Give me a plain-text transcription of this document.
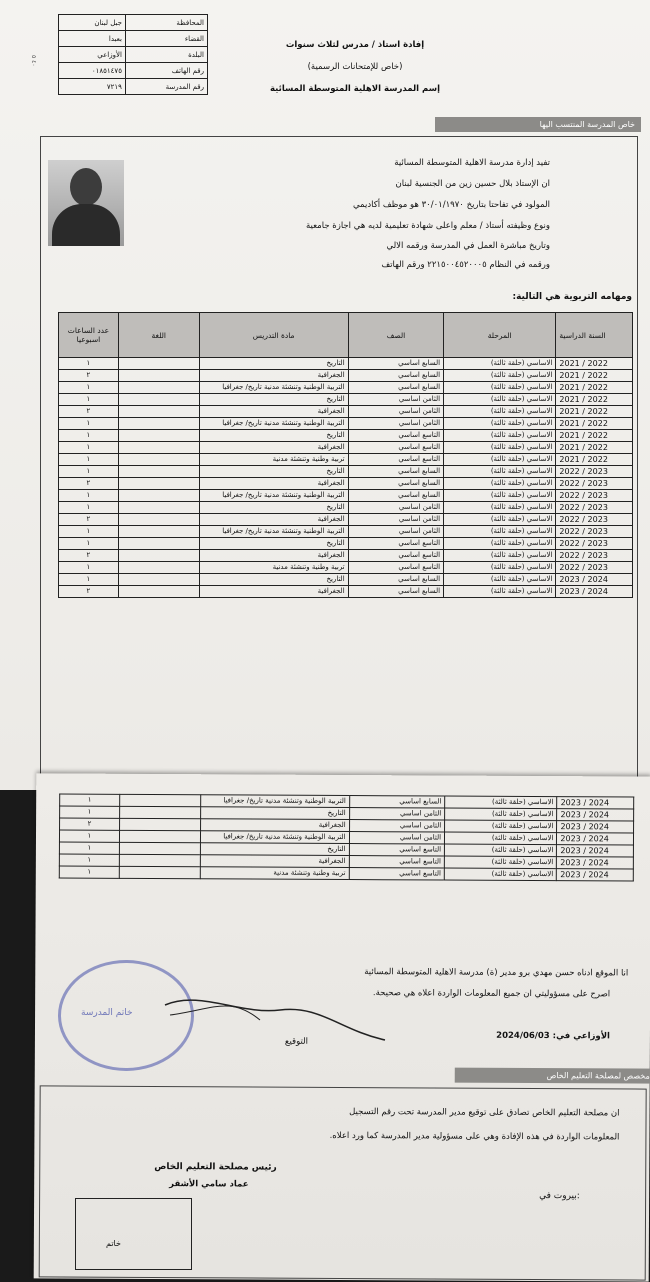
جبل لبنان	المحافظة
بعبدا	القضاء
الأوزاعي	البلدة
٠١٨٥١٤٧٥	رقم الهاتف
٧٢١٩	رقم المدرسة
٤٠ ٥
إفادة استاذ / مدرس لثلاث سنوات
(خاص للإمتحانات الرسمية)
إسم المدرسة الاهلية المتوسطة المسائية
خاص المدرسة المنتسب اليها
تفيد إدارة مدرسة الاهلية المتوسطة المسائية
ان الإستاذ بلال حسين زين من الجنسية لبنان
المولود في تفاحتا بتاريخ ٣٠/٠١/١٩٧٠ هو موظف أكاديمي
ونوع وظيفته أستاذ / معلم واعلى شهادة تعليمية لديه هي اجازة جامعية
وتاريخ مباشرة العمل في المدرسة ورقمه الالي
ورقمه في النظام ٢٢١٥٠٠٤٥٢٠٠٠٥ ورقم الهاتف
ومهامه التربوية هي التالية:
السنة الدراسية	المرحلة	الصف	مادة التدريس	اللغة	عدد الساعات اسبوعيا
2021 / 2022	الاساسي (حلقة ثالثة)	السابع اساسي	التاريخ		١
2021 / 2022	الاساسي (حلقة ثالثة)	السابع اساسي	الجغرافية		٢
2021 / 2022	الاساسي (حلقة ثالثة)	السابع اساسي	التربية الوطنية وتنشئة مدنية تاريخ/ جغرافيا		١
2021 / 2022	الاساسي (حلقة ثالثة)	الثامن اساسي	التاريخ		١
2021 / 2022	الاساسي (حلقة ثالثة)	الثامن اساسي	الجغرافية		٢
2021 / 2022	الاساسي (حلقة ثالثة)	الثامن اساسي	التربية الوطنية وتنشئة مدنية تاريخ/ جغرافيا		١
2021 / 2022	الاساسي (حلقة ثالثة)	التاسع اساسي	التاريخ		١
2021 / 2022	الاساسي (حلقة ثالثة)	التاسع اساسي	الجغرافية		١
2021 / 2022	الاساسي (حلقة ثالثة)	التاسع اساسي	تربية وطنية وتنشئة مدنية		١
2022 / 2023	الاساسي (حلقة ثالثة)	السابع اساسي	التاريخ		١
2022 / 2023	الاساسي (حلقة ثالثة)	السابع اساسي	الجغرافية		٢
2022 / 2023	الاساسي (حلقة ثالثة)	السابع اساسي	التربية الوطنية وتنشئة مدنية تاريخ/ جغرافيا		١
2022 / 2023	الاساسي (حلقة ثالثة)	الثامن اساسي	التاريخ		١
2022 / 2023	الاساسي (حلقة ثالثة)	الثامن اساسي	الجغرافية		٢
2022 / 2023	الاساسي (حلقة ثالثة)	الثامن اساسي	التربية الوطنية وتنشئة مدنية تاريخ/ جغرافيا		١
2022 / 2023	الاساسي (حلقة ثالثة)	التاسع اساسي	التاريخ		١
2022 / 2023	الاساسي (حلقة ثالثة)	التاسع اساسي	الجغرافية		٢
2022 / 2023	الاساسي (حلقة ثالثة)	التاسع اساسي	تربية وطنية وتنشئة مدنية		١
2023 / 2024	الاساسي (حلقة ثالثة)	السابع اساسي	التاريخ		١
2023 / 2024	الاساسي (حلقة ثالثة)	السابع اساسي	الجغرافية		٢
2023 / 2024	الاساسي (حلقة ثالثة)	السابع اساسي	التربية الوطنية وتنشئة مدنية تاريخ/ جغرافيا		١
2023 / 2024	الاساسي (حلقة ثالثة)	الثامن اساسي	التاريخ		١
2023 / 2024	الاساسي (حلقة ثالثة)	الثامن اساسي	الجغرافية		٢
2023 / 2024	الاساسي (حلقة ثالثة)	الثامن اساسي	التربية الوطنية وتنشئة مدنية تاريخ/ جغرافيا		١
2023 / 2024	الاساسي (حلقة ثالثة)	التاسع اساسي	التاريخ		١
2023 / 2024	الاساسي (حلقة ثالثة)	التاسع اساسي	الجغرافية		١
2023 / 2024	الاساسي (حلقة ثالثة)	التاسع اساسي	تربية وطنية وتنشئة مدنية		١
انا الموقع ادناه حسن مهدي برو مدير (ة) مدرسة الاهلية المتوسطة المسائية
اصرح على مسؤوليتي ان جميع المعلومات الواردة اعلاه هي صحيحة.
الأوزاعي في: 2024/06/03
التوقيع
مخصص لمصلحة التعليم الخاص
ان مصلحة التعليم الخاص تصادق على توقيع مدير المدرسة تحت رقم التسجيل
المعلومات الواردة في هذه الإفادة وهي على مسؤولية مدير المدرسة كما ورد اعلاه.
رئيس مصلحة التعليم الخاص
عماد سامي الأشقر
بيروت في:
خاتم المدرسة
خاتم
